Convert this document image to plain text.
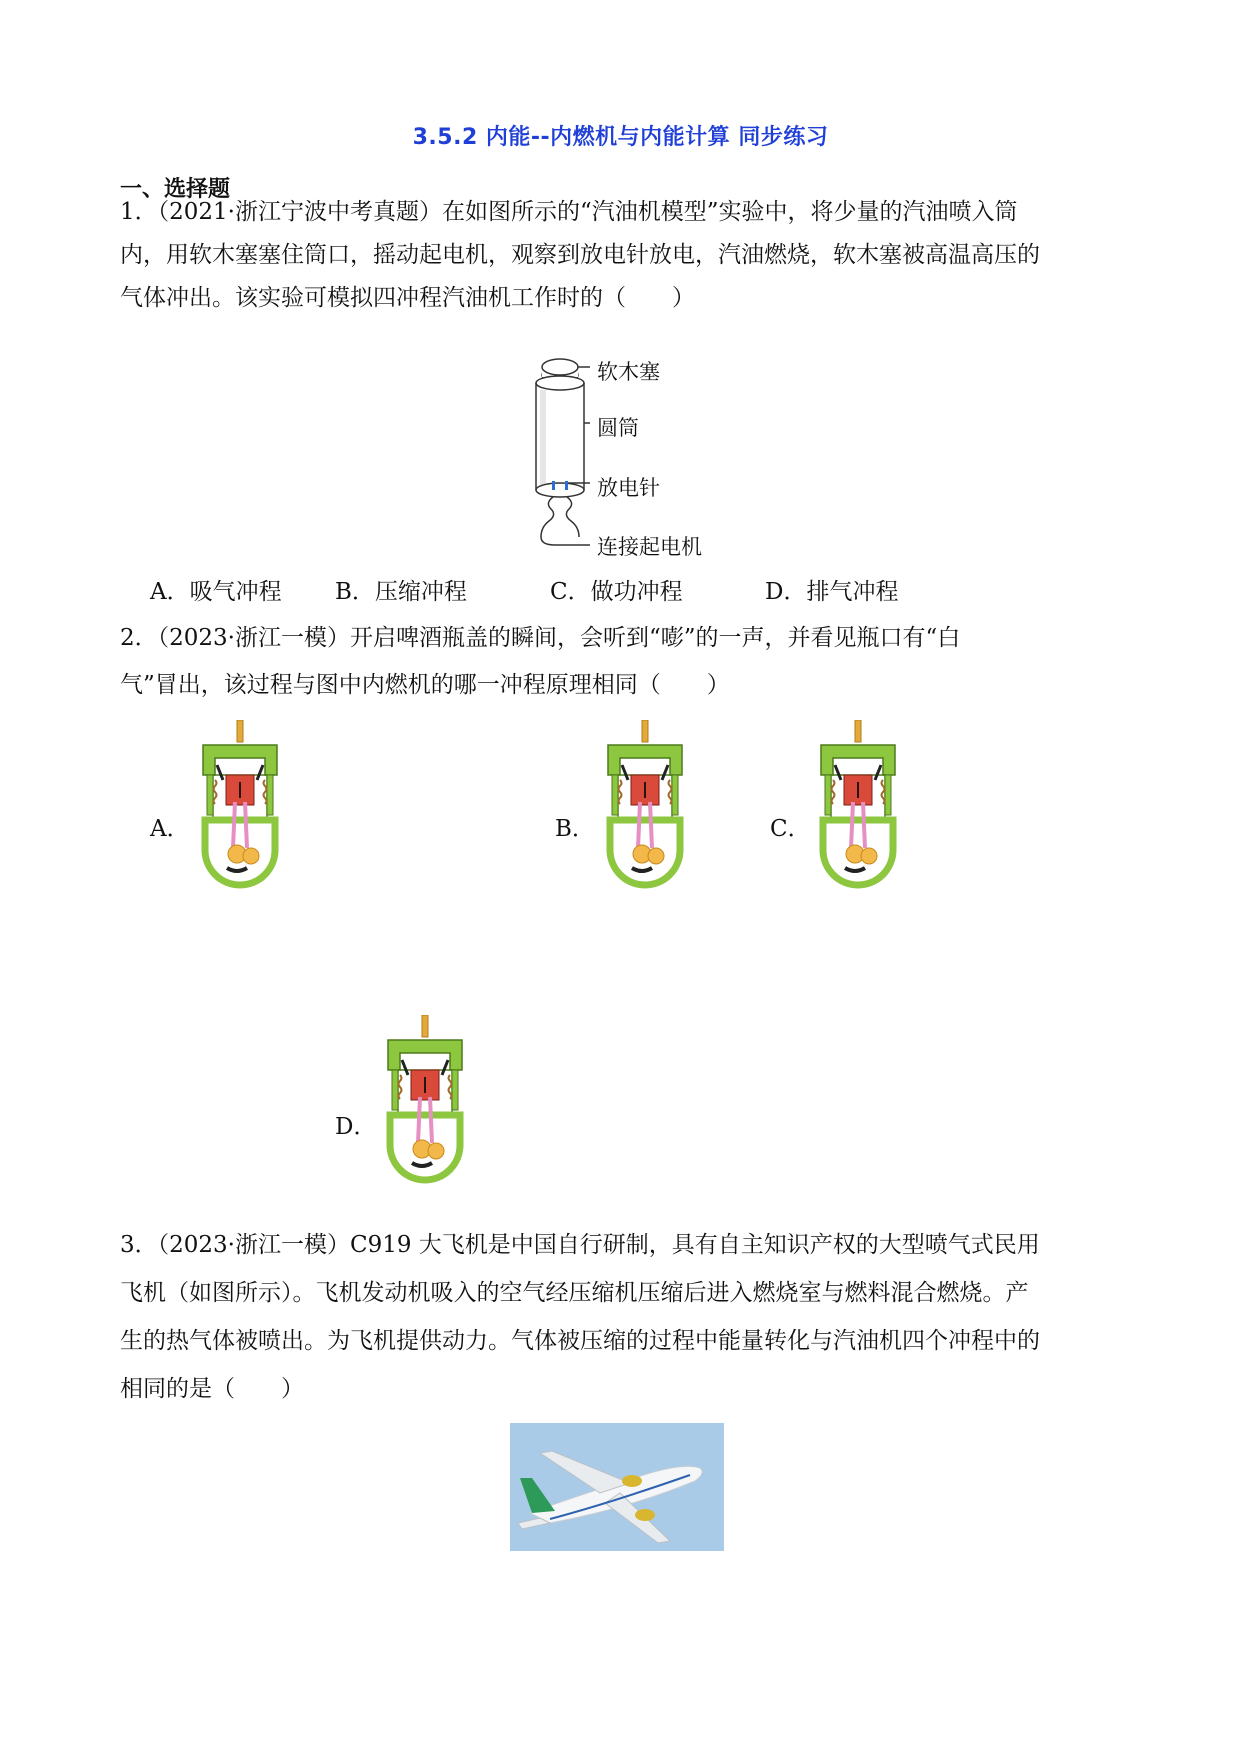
3.5.2 内能--内燃机与内能计算 同步练习
一、选择题
1．（2021·浙江宁波中考真题）在如图所示的“汽油机模型”实验中，将少量的汽油喷入筒
内，用软木塞塞住筒口，摇动起电机，观察到放电针放电，汽油燃烧，软木塞被高温高压的
气体冲出。该实验可模拟四冲程汽油机工作时的（　　）
软木塞
圆筒
放电针
连接起电机
A．吸气冲程 B．压缩冲程	C．做功冲程	D．排气冲程
2．（2023·浙江一模）开启啤酒瓶盖的瞬间，会听到“嘭”的一声，并看见瓶口有“白
气”冒出，该过程与图中内燃机的哪一冲程原理相同（　　）
A．	B．	C．
D．
3．（2023·浙江一模）C919 大飞机是中国自行研制，具有自主知识产权的大型喷气式民用
飞机（如图所示）。飞机发动机吸入的空气经压缩机压缩后进入燃烧室与燃料混合燃烧。产
生的热气体被喷出。为飞机提供动力。气体被压缩的过程中能量转化与汽油机四个冲程中的
相同的是（　　）
